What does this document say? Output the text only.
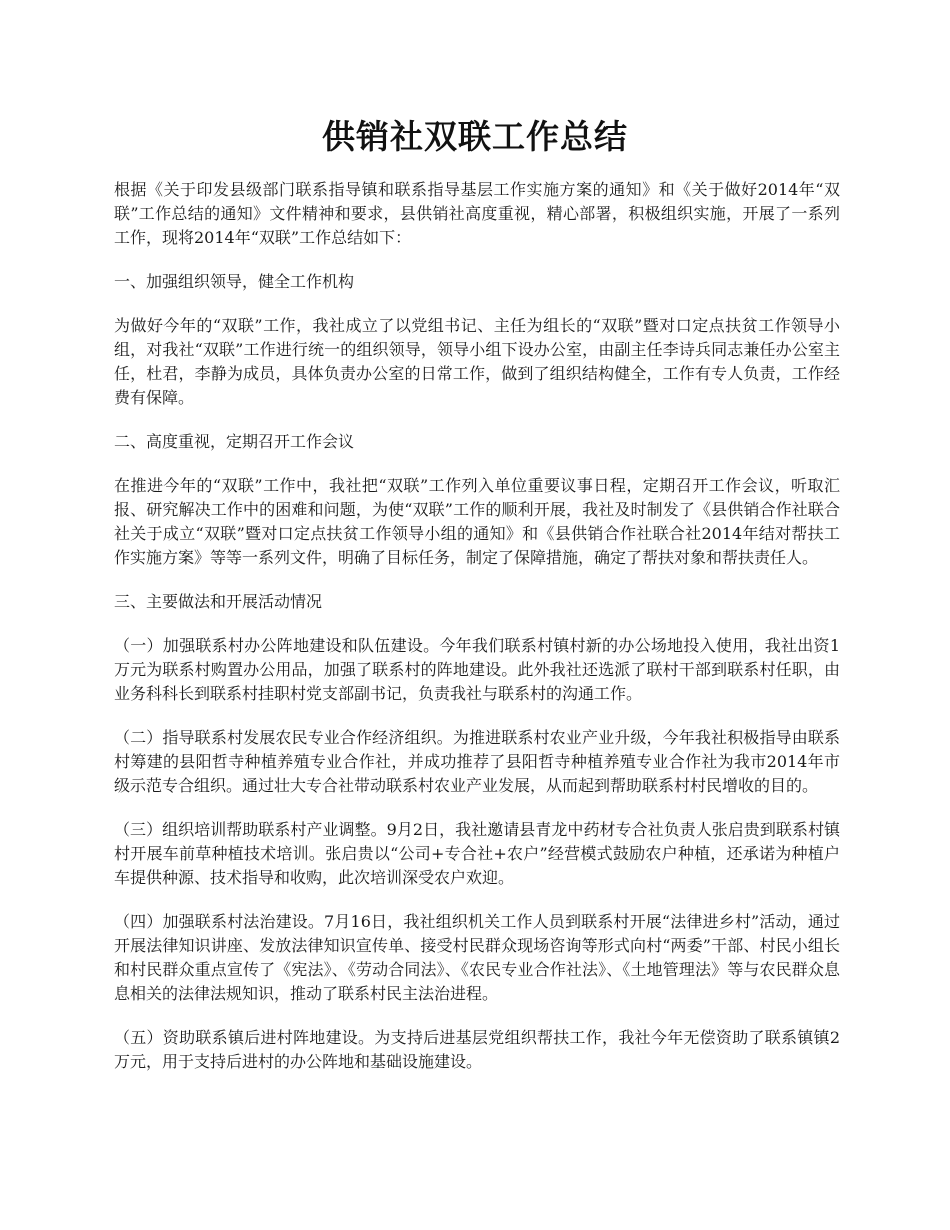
供销社双联工作总结

根据《关于印发县级部门联系指导镇和联系指导基层工作实施方案的通知》和《关于做好2014年“双联”工作总结的通知》文件精神和要求，县供销社高度重视，精心部署，积极组织实施，开展了一系列工作，现将2014年“双联”工作总结如下：

一、加强组织领导，健全工作机构

为做好今年的“双联”工作，我社成立了以党组书记、主任为组长的“双联”暨对口定点扶贫工作领导小组，对我社“双联”工作进行统一的组织领导，领导小组下设办公室，由副主任李诗兵同志兼任办公室主任，杜君，李静为成员，具体负责办公室的日常工作，做到了组织结构健全，工作有专人负责，工作经费有保障。

二、高度重视，定期召开工作会议

在推进今年的“双联”工作中，我社把“双联”工作列入单位重要议事日程，定期召开工作会议，听取汇报、研究解决工作中的困难和问题，为使“双联”工作的顺利开展，我社及时制发了《县供销合作社联合社关于成立“双联”暨对口定点扶贫工作领导小组的通知》和《县供销合作社联合社2014年结对帮扶工作实施方案》等等一系列文件，明确了目标任务，制定了保障措施，确定了帮扶对象和帮扶责任人。

三、主要做法和开展活动情况

（一）加强联系村办公阵地建设和队伍建设。今年我们联系村镇村新的办公场地投入使用，我社出资1万元为联系村购置办公用品，加强了联系村的阵地建设。此外我社还选派了联村干部到联系村任职，由业务科科长到联系村挂职村党支部副书记，负责我社与联系村的沟通工作。

（二）指导联系村发展农民专业合作经济组织。为推进联系村农业产业升级，今年我社积极指导由联系村筹建的县阳哲寺种植养殖专业合作社，并成功推荐了县阳哲寺种植养殖专业合作社为我市2014年市级示范专合组织。通过壮大专合社带动联系村农业产业发展，从而起到帮助联系村村民增收的目的。

（三）组织培训帮助联系村产业调整。9月2日，我社邀请县青龙中药材专合社负责人张启贵到联系村镇村开展车前草种植技术培训。张启贵以“公司+专合社+农户”经营模式鼓励农户种植，还承诺为种植户车提供种源、技术指导和收购，此次培训深受农户欢迎。

（四）加强联系村法治建设。7月16日，我社组织机关工作人员到联系村开展“法律进乡村”活动，通过开展法律知识讲座、发放法律知识宣传单、接受村民群众现场咨询等形式向村“两委”干部、村民小组长和村民群众重点宣传了《宪法》、《劳动合同法》、《农民专业合作社法》、《土地管理法》等与农民群众息息相关的法律法规知识，推动了联系村民主法治进程。

（五）资助联系镇后进村阵地建设。为支持后进基层党组织帮扶工作，我社今年无偿资助了联系镇镇2万元，用于支持后进村的办公阵地和基础设施建设。
